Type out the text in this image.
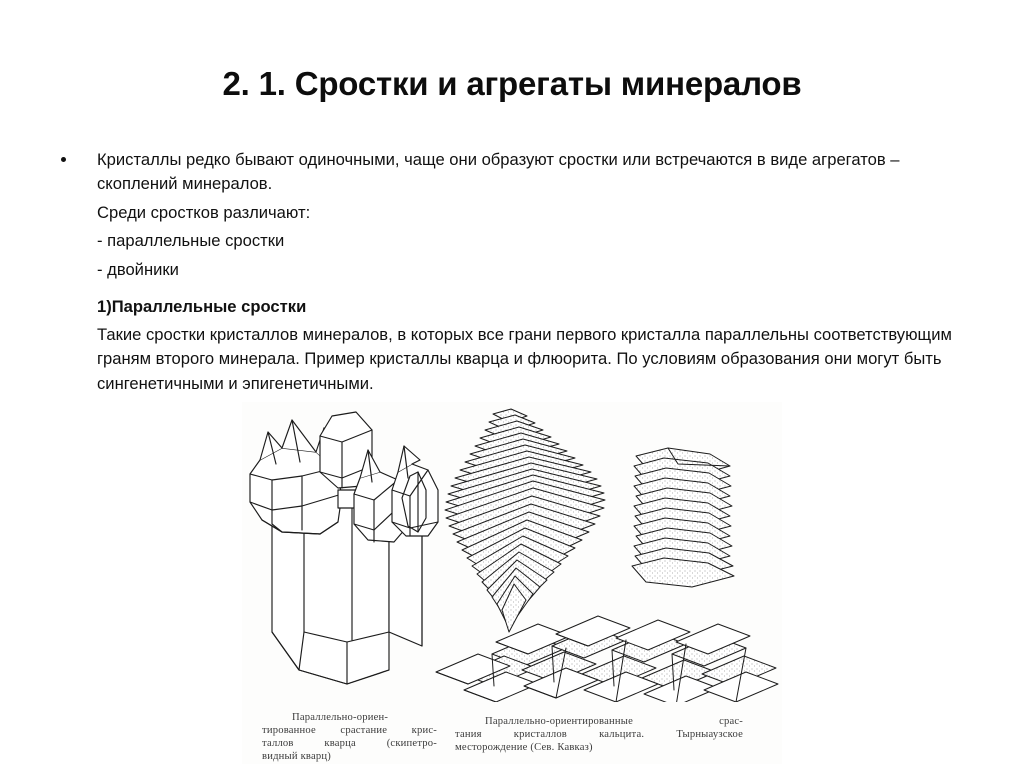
2. 1. Сростки и агрегаты минералов

Кристаллы редко бывают одиночными, чаще они образуют сростки или встречаются в виде агрегатов – скоплений минералов.

Среди сростков различают:

- параллельные сростки

- двойники

1)Параллельные сростки

Такие сростки кристаллов минералов, в которых все грани первого кристалла параллельны соответствующим граням второго минерала. Пример кристаллы кварца и флюорита. По условиям образования они могут быть сингенетичными и эпигенетичными.

Параллельно-ориен-
тированное срастание крис-
таллов кварца (скипетро-
видный кварц)
Параллельно-ориентированные срас-
тания кристаллов кальцита. Тырныаузское
месторождение (Сев. Кавказ)
